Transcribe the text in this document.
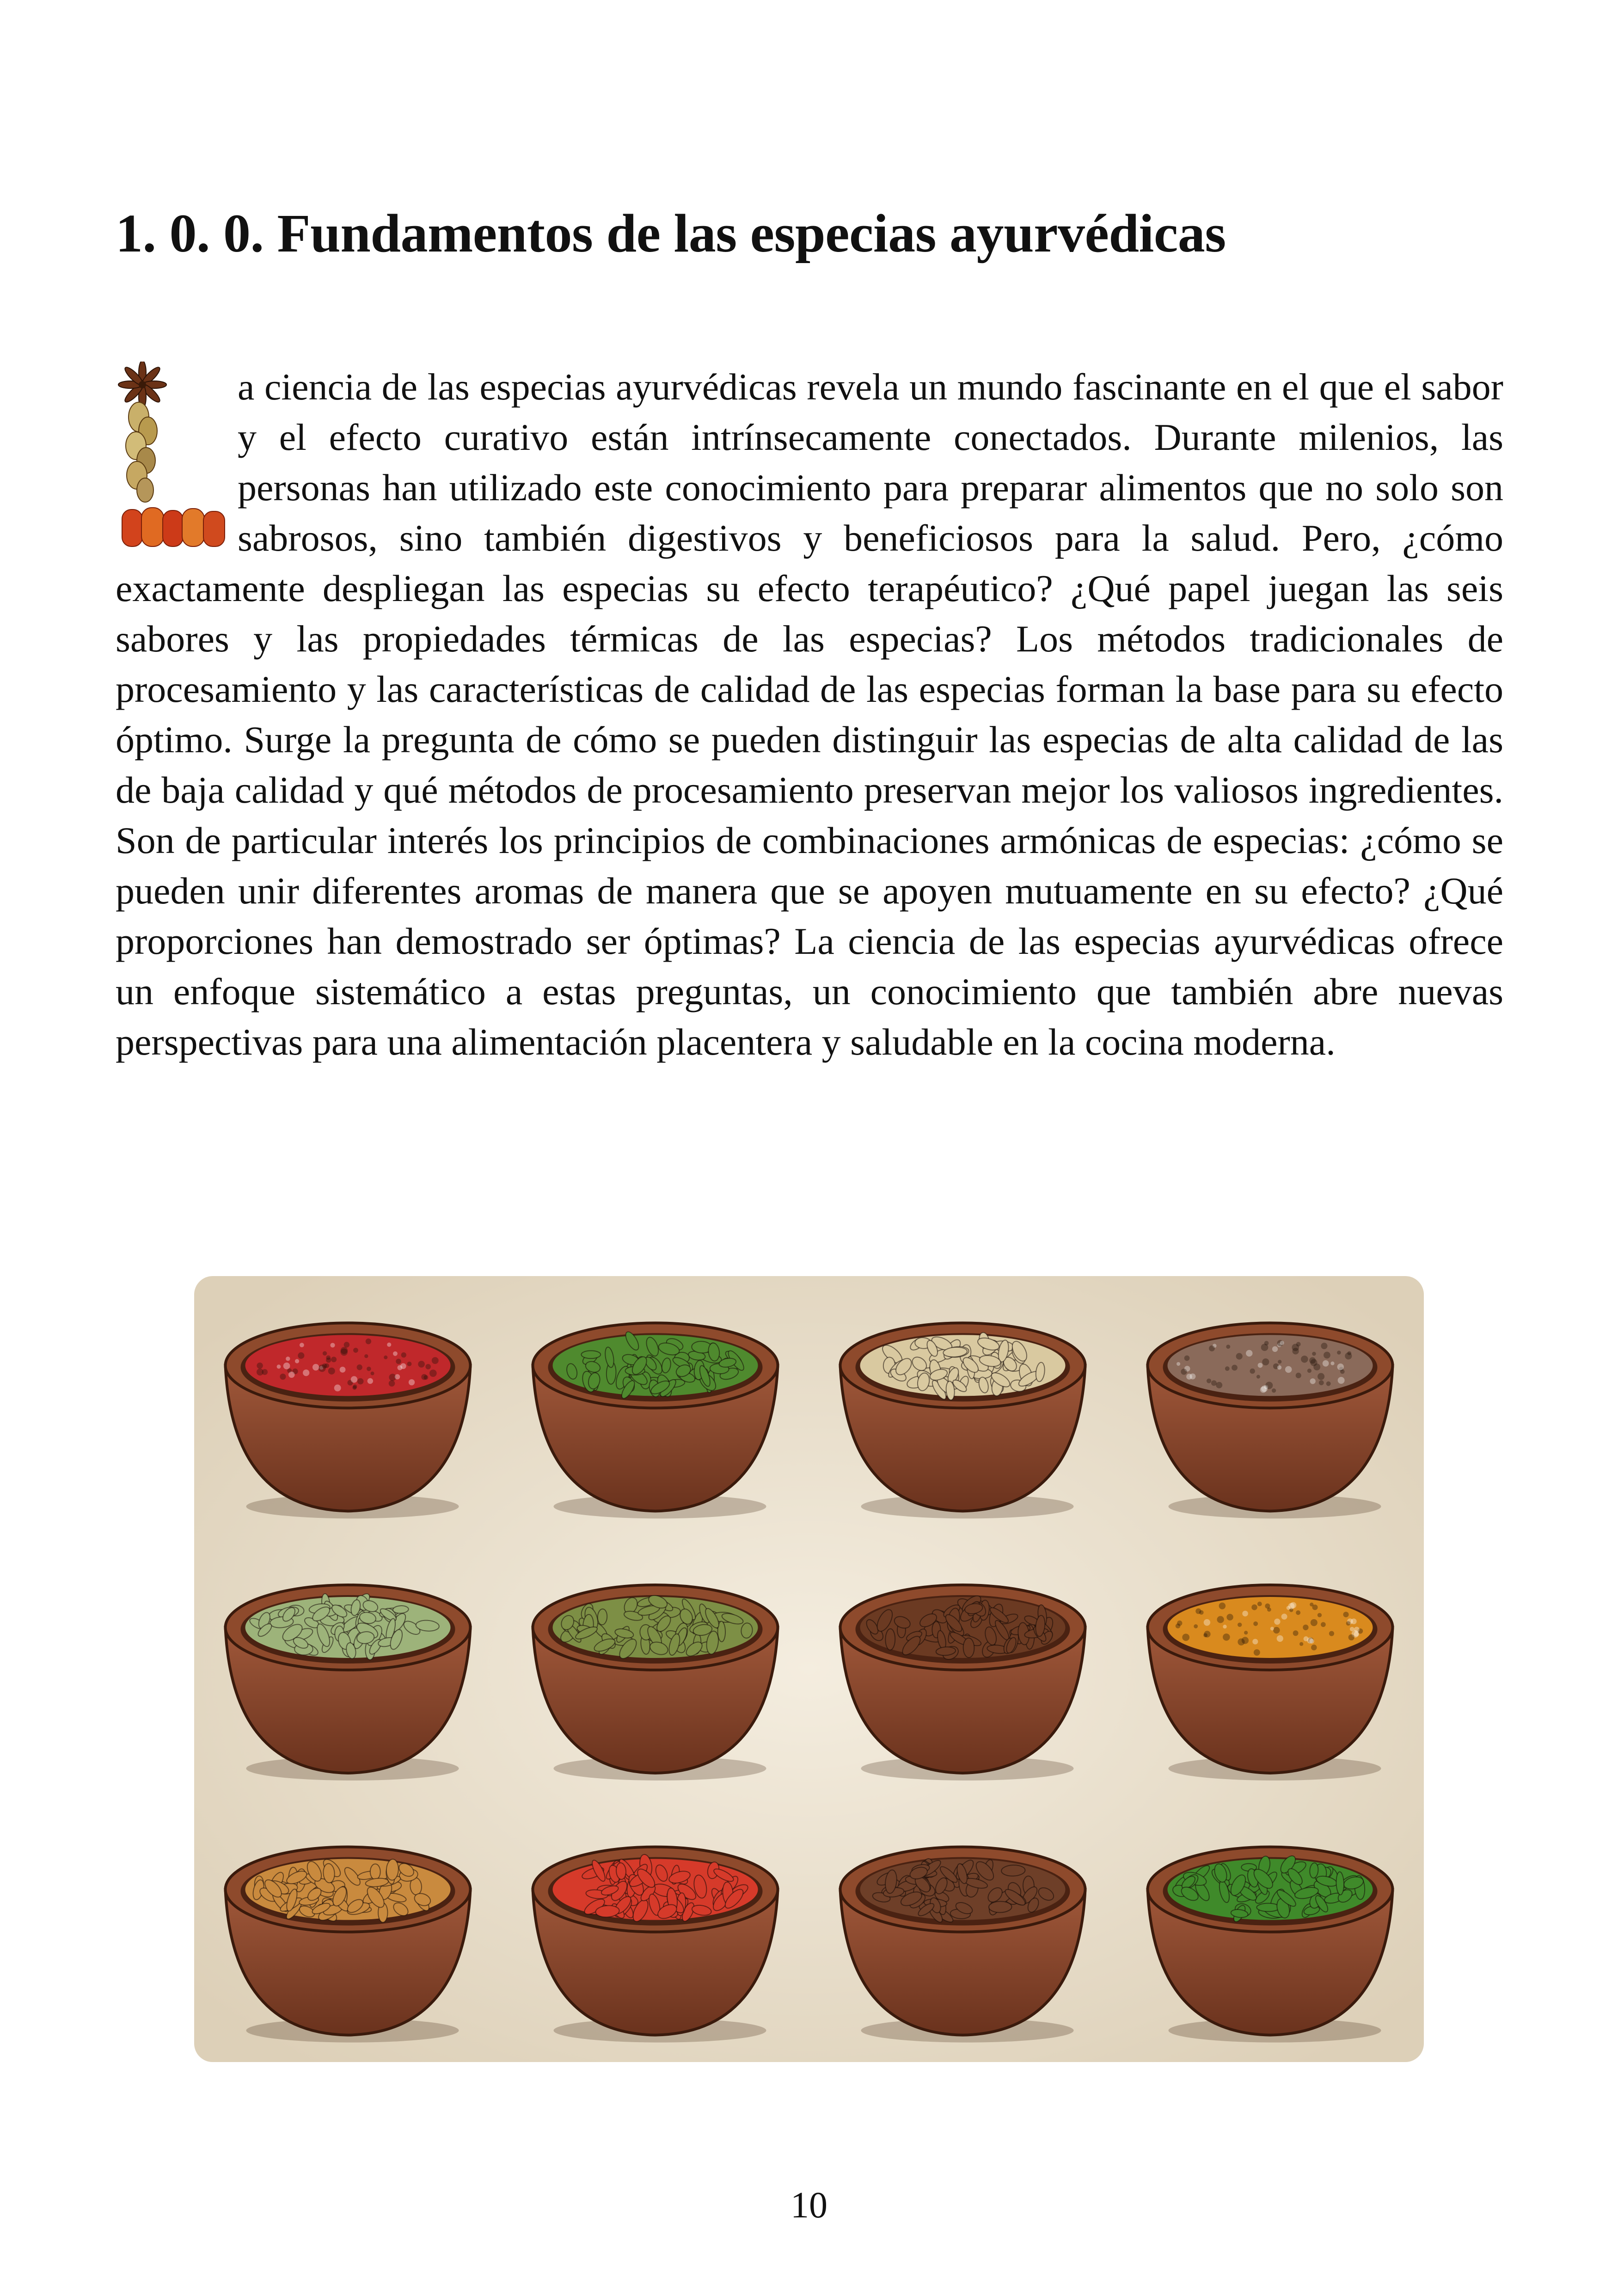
1. 0. 0. Fundamentos de las especias ayurvédicas

a ciencia de las especias ayurvédicas revela un mundo fascinante en el que el sabor y el efecto curativo están intrínsecamente conectados. Durante milenios, las personas han utilizado este conocimiento para preparar alimentos que no solo son sabrosos, sino también digestivos y beneficiosos para la salud. Pero, ¿cómo exactamente despliegan las especias su efecto terapéutico? ¿Qué papel juegan las seis sabores y las propiedades térmicas de las especias? Los métodos tradicionales de procesamiento y las características de calidad de las especias forman la base para su efecto óptimo. Surge la pregunta de cómo se pueden distinguir las especias de alta calidad de las de baja calidad y qué métodos de procesamiento preservan mejor los valiosos ingredientes. Son de particular interés los principios de combinaciones armónicas de especias: ¿cómo se pueden unir diferentes aromas de manera que se apoyen mutuamente en su efecto? ¿Qué proporciones han demostrado ser óptimas? La ciencia de las especias ayurvédicas ofrece un enfoque sistemático a estas preguntas, un conocimiento que también abre nuevas perspectivas para una alimentación placentera y saludable en la cocina moderna.

10
